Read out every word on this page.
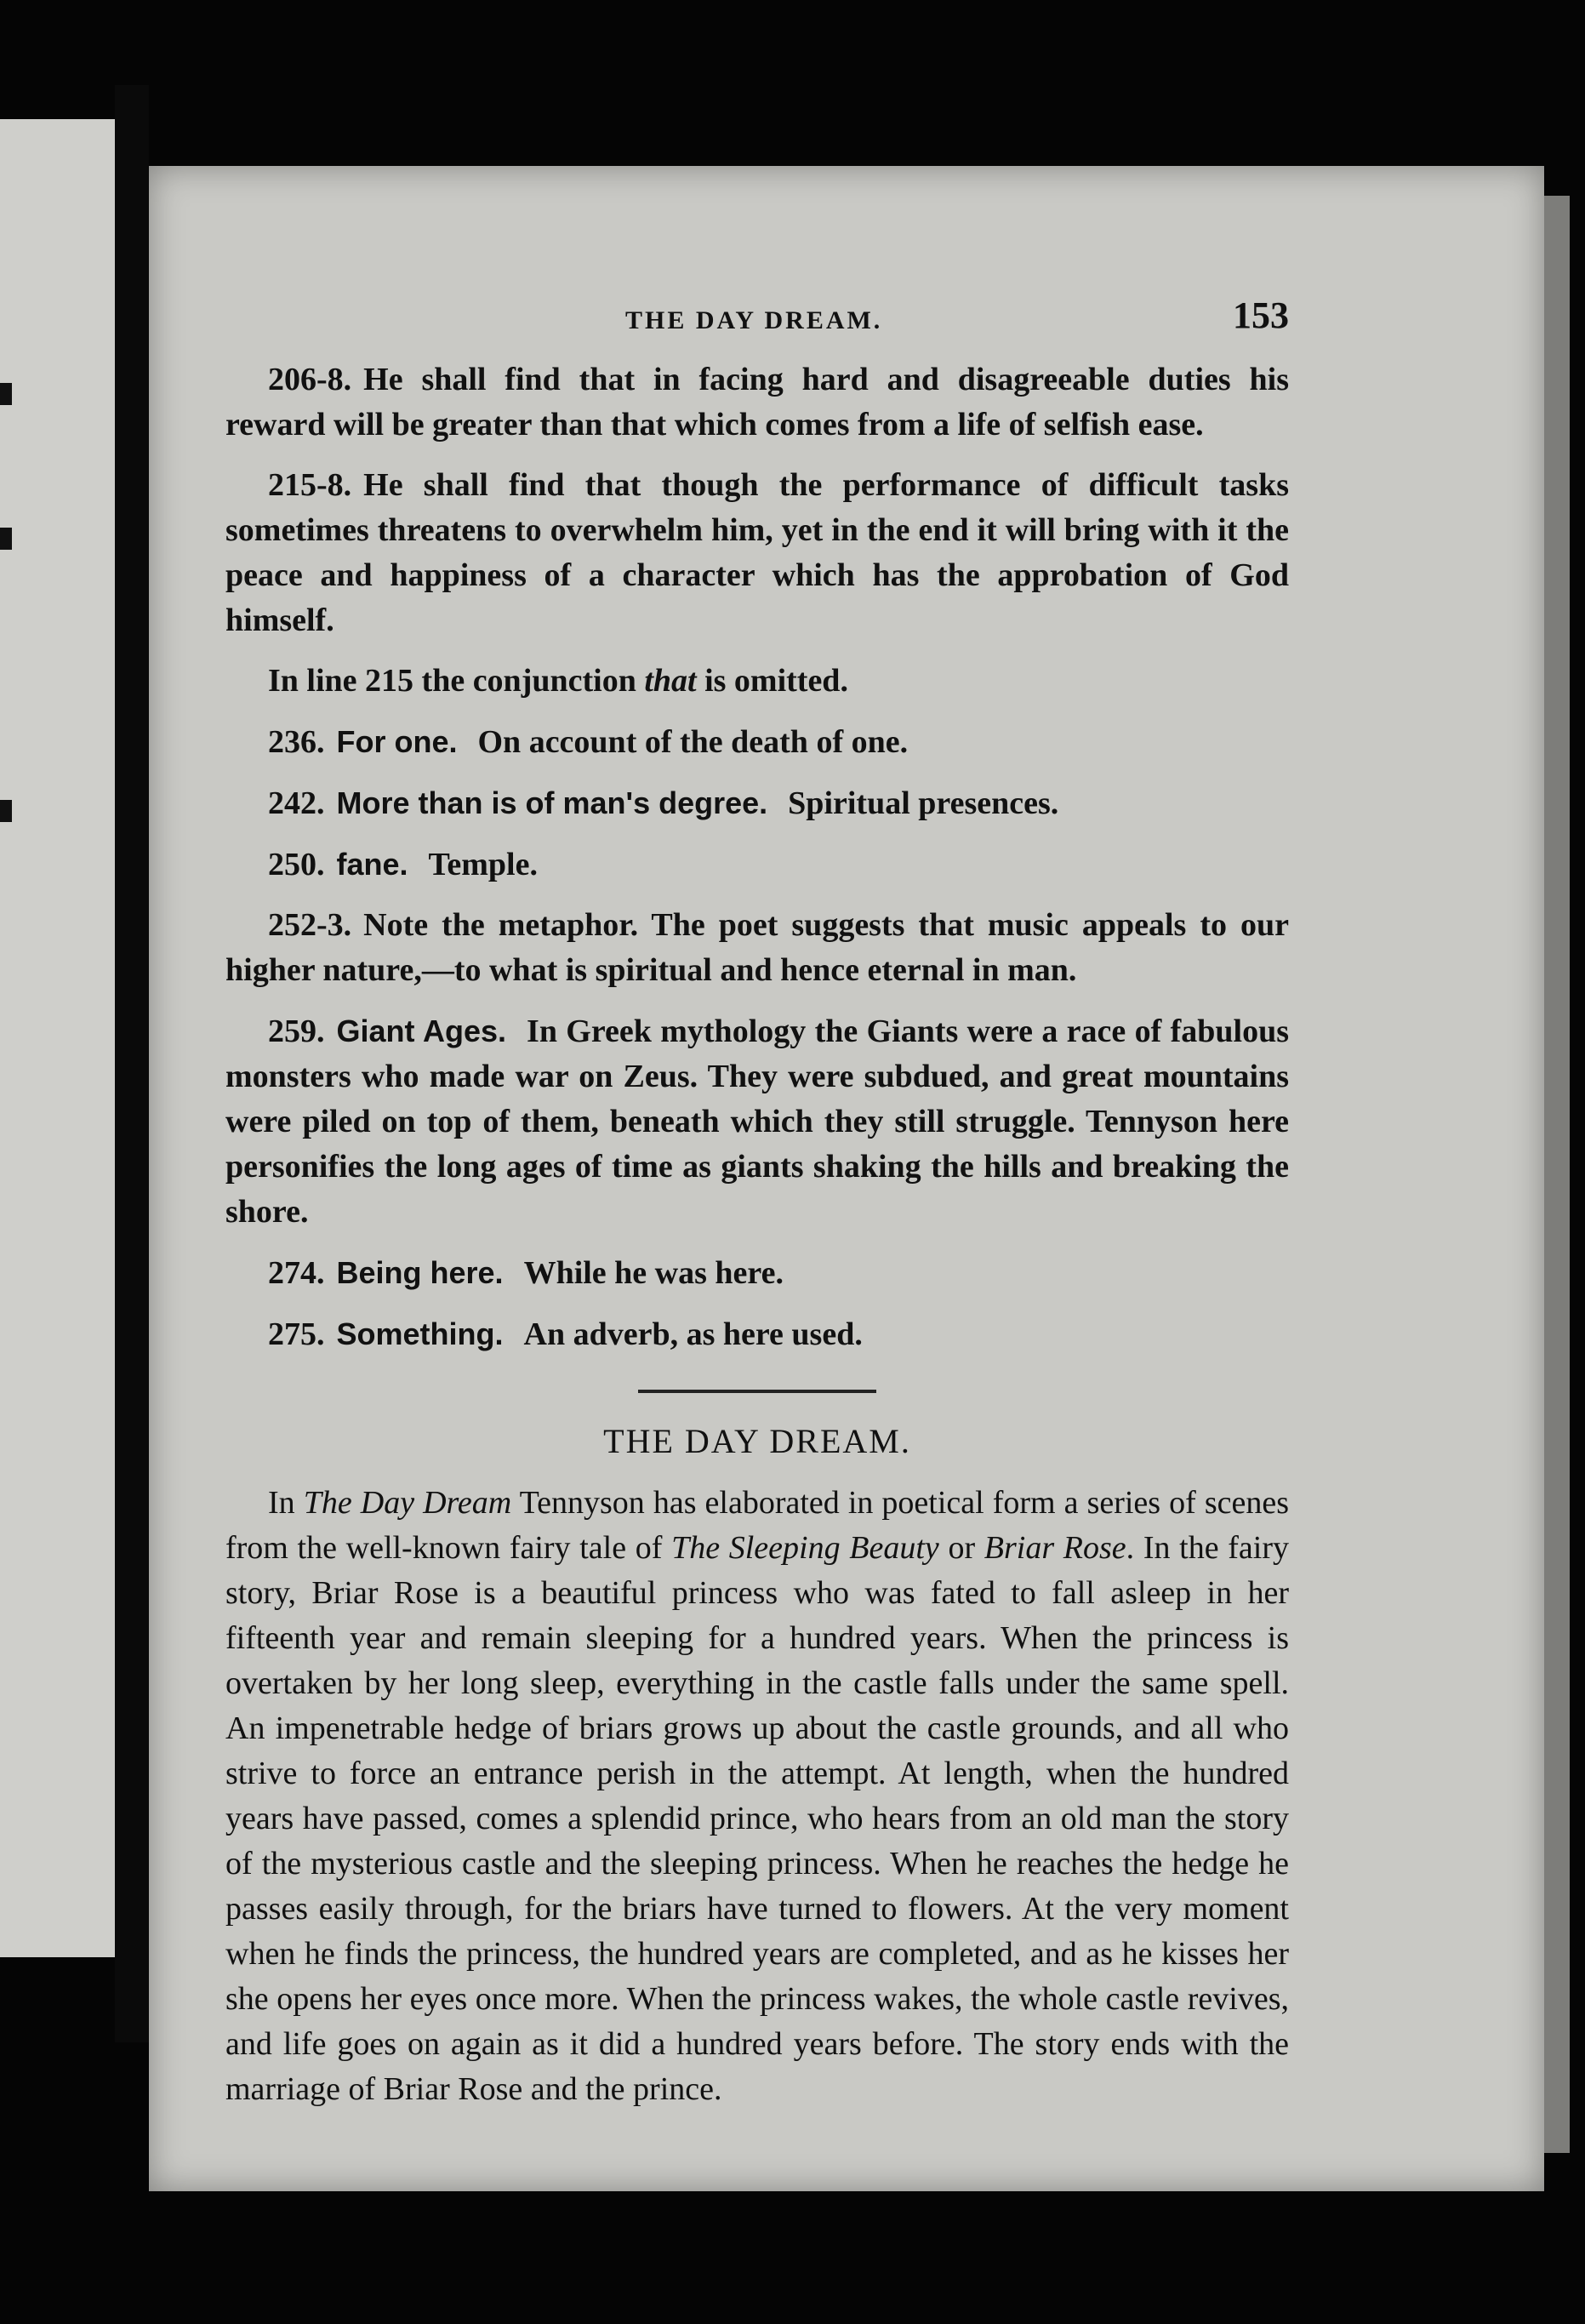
THE DAY DREAM.	153

206-8. He shall find that in facing hard and disagreeable duties his reward will be greater than that which comes from a life of selfish ease.

215-8. He shall find that though the performance of difficult tasks sometimes threatens to overwhelm him, yet in the end it will bring with it the peace and happiness of a character which has the approbation of God himself.

In line 215 the conjunction that is omitted.

236. For one. On account of the death of one.

242. More than is of man's degree. Spiritual presences.

250. fane. Temple.

252-3. Note the metaphor. The poet suggests that music appeals to our higher nature,—to what is spiritual and hence eternal in man.

259. Giant Ages. In Greek mythology the Giants were a race of fabulous monsters who made war on Zeus. They were subdued, and great mountains were piled on top of them, beneath which they still struggle. Tennyson here personifies the long ages of time as giants shaking the hills and breaking the shore.

274. Being here. While he was here.

275. Something. An adverb, as here used.

THE DAY DREAM.

In The Day Dream Tennyson has elaborated in poetical form a series of scenes from the well-known fairy tale of The Sleeping Beauty or Briar Rose. In the fairy story, Briar Rose is a beautiful princess who was fated to fall asleep in her fifteenth year and remain sleeping for a hundred years. When the princess is overtaken by her long sleep, everything in the castle falls under the same spell. An impenetrable hedge of briars grows up about the castle grounds, and all who strive to force an entrance perish in the attempt. At length, when the hundred years have passed, comes a splendid prince, who hears from an old man the story of the mysterious castle and the sleeping princess. When he reaches the hedge he passes easily through, for the briars have turned to flowers. At the very moment when he finds the princess, the hundred years are completed, and as he kisses her she opens her eyes once more. When the princess wakes, the whole castle revives, and life goes on again as it did a hundred years before. The story ends with the marriage of Briar Rose and the prince.
